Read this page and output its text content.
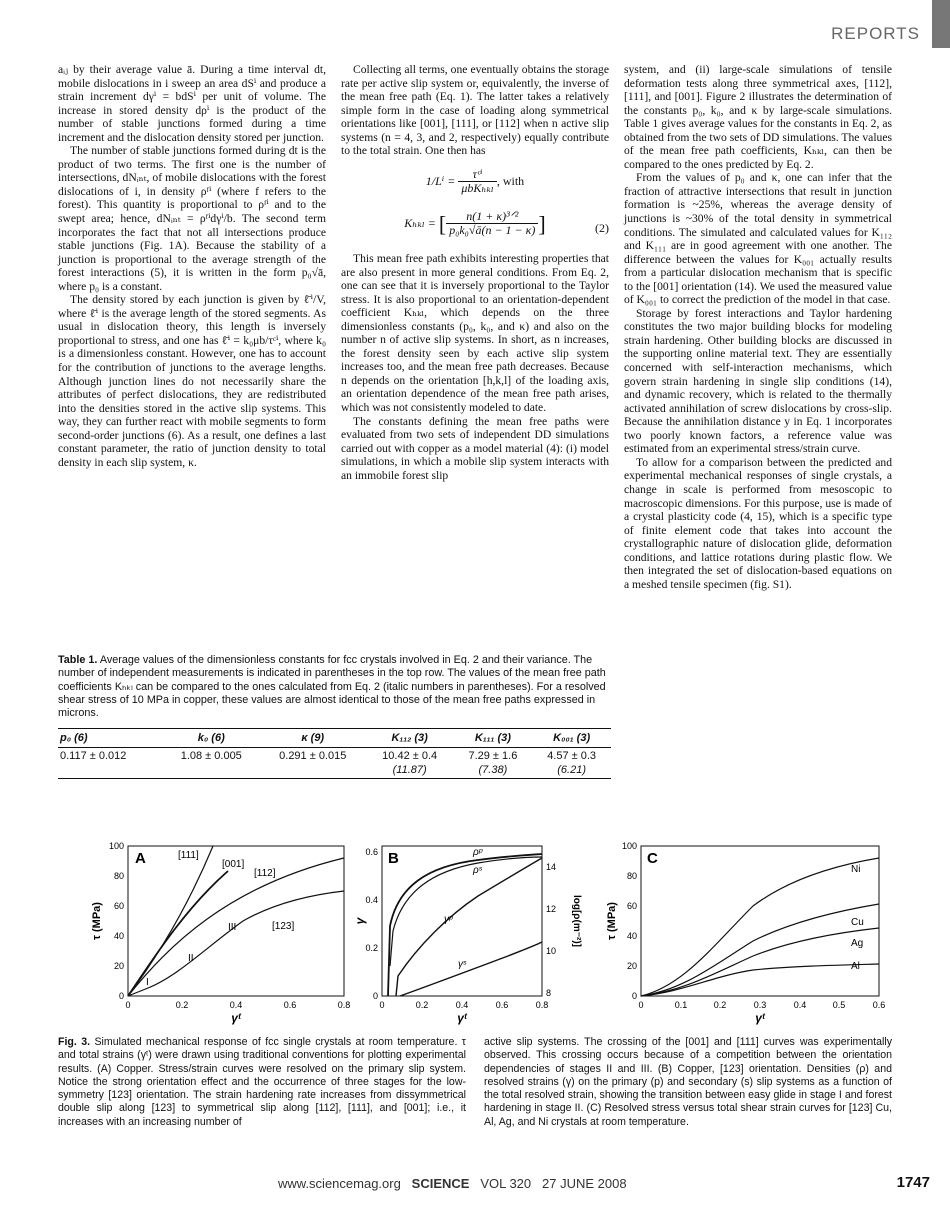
REPORTS

aᵢⱼ by their average value ā. During a time interval dt, mobile dislocations in i sweep an area dSⁱ and produce a strain increment dγⁱ = bdSⁱ per unit of volume. The increase in stored density dρⁱ is the product of the number of stable junctions formed during a time increment and the dislocation density stored per junction.

The number of stable junctions formed during dt is the product of two terms. The first one is the number of intersections, dNᵢₙₜ, of mobile dislocations with the forest dislocations of i, in density ρᶠⁱ (where f refers to the forest). This quantity is proportional to ρᶠⁱ and to the swept area; hence, dNᵢₙₜ = ρᶠⁱdγⁱ/b. The second term incorporates the fact that not all intersections produce stable junctions (Fig. 1A). Because the stability of a junction is proportional to the average strength of the forest interactions (5), it is written in the form p₀√ā, where p₀ is a constant.

The density stored by each junction is given by ℓ̄ⁱ/V, where ℓ̄ⁱ is the average length of the stored segments. As usual in dislocation theory, this length is inversely proportional to stress, and one has ℓ̄ⁱ = k₀μb/τᶜⁱ, where k₀ is a dimensionless constant. However, one has to account for the contribution of junctions to the average lengths. Although junction lines do not necessarily share the attributes of perfect dislocations, they are redistributed into the densities stored in the active slip systems. This way, they can further react with mobile segments to form second-order junctions (6). As a result, one defines a last constant parameter, the ratio of junction density to total density in each slip system, κ.

Collecting all terms, one eventually obtains the storage rate per active slip system or, equivalently, the inverse of the mean free path (Eq. 1). The latter takes a relatively simple form in the case of loading along symmetrical orientations like [001], [111], or [112] when n active slip systems (n = 4, 3, and 2, respectively) equally contribute to the total strain. One then has

$1/L^i = \frac{\text{τᶜⁱ}}{\text{μbKₕₖₗ}}$ , with
Kₕₖₗ = [ $\frac{\text{n(1 + κ)³ᐟ²}}{\text{p₀k₀√ā(n − 1 − κ)}}$ ]	(2)

This mean free path exhibits interesting properties that are also present in more general conditions. From Eq. 2, one can see that it is inversely proportional to the Taylor stress. It is also proportional to an orientation-dependent coefficient Kₕₖₗ, which depends on the three dimensionless constants (p₀, k₀, and κ) and also on the number n of active slip systems. In short, as n increases, the forest density seen by each active slip system increases too, and the mean free path decreases. Because n depends on the orientation [h,k,l] of the loading axis, an orientation dependence of the mean free path arises, which was not consistently modeled to date.

The constants defining the mean free paths were evaluated from two sets of independent DD simulations carried out with copper as a model material (4): (i) model simulations, in which a mobile slip system interacts with an immobile forest slip

system, and (ii) large-scale simulations of tensile deformation tests along three symmetrical axes, [112], [111], and [001]. Figure 2 illustrates the determination of the constants p₀, k₀, and κ by large-scale simulations. Table 1 gives average values for the constants in Eq. 2, as obtained from the two sets of DD simulations. The values of the mean free path coefficients, Kₕₖₗ, can then be compared to the ones predicted by Eq. 2.

From the values of p₀ and κ, one can infer that the fraction of attractive intersections that result in junction formation is ~25%, whereas the average density of junctions is ~30% of the total density in symmetrical conditions. The simulated and calculated values for K₁₁₂ and K₁₁₁ are in good agreement with one another. The difference between the values for K₀₀₁ actually results from a particular dislocation mechanism that is specific to the [001] orientation (14). We used the measured value of K₀₀₁ to correct the prediction of the model in that case.

Storage by forest interactions and Taylor hardening constitutes the two major building blocks for modeling strain hardening. Other building blocks are discussed in the supporting online material text. They are essentially concerned with self-interaction mechanisms, which govern strain hardening in single slip conditions (14), and dynamic recovery, which is related to the thermally activated annihilation of screw dislocations by cross-slip. Because the annihilation distance y in Eq. 1 incorporates two poorly known factors, a reference value was estimated from an experimental stress/strain curve.

To allow for a comparison between the predicted and experimental mechanical responses of single crystals, a change in scale is performed from mesoscopic to macroscopic dimensions. For this purpose, use is made of a crystal plasticity code (4, 15), which is a specific type of finite element code that takes into account the crystallographic nature of dislocation glide, deformation conditions, and lattice rotations during plastic flow. We then integrated the set of dislocation-based equations on a meshed tensile specimen (fig. S1).

Table 1. Average values of the dimensionless constants for fcc crystals involved in Eq. 2 and their variance. The number of independent measurements is indicated in parentheses in the top row. The values of the mean free path coefficients Kₕₖₗ can be compared to the ones calculated from Eq. 2 (italic numbers in parentheses). For a resolved shear stress of 10 MPa in copper, these values are almost identical to those of the mean free paths expressed in microns.
p₀ (6)	k₀ (6)	κ (9)	K₁₁₂ (3)	K₁₁₁ (3)	K₀₀₁ (3)
0.117 ± 0.012	1.08 ± 0.005	0.291 ± 0.015	10.42 ± 0.4	7.29 ± 1.6	4.57 ± 0.3
			(11.87)	(7.38)	(6.21)
0
20
40
60
80
100
0	0.2	0.4	0.6	0.8
τ (MPa)
γᵗ
A	[111]
[001]
[112]
[123]
III
II
I
0
0.2
0.4
0.6
8
10
12
14
0	0.2	0.4	0.6	0.8
γ	log[ρ(m⁻²)]
γᵗ
B	ρᵖ
ρˢ
γᵖ
γˢ
0
20
40
60
80
100
0	0.1	0.2	0.3	0.4	0.5	0.6
τ (MPa)
γᵗ
C
Ni
Cu
Ag
Al
Fig. 3. Simulated mechanical response of fcc single crystals at room temperature. τ and total strains (γᵗ) were drawn using traditional conventions for plotting experimental results. (A) Copper. Stress/strain curves were resolved on the primary slip system. Notice the strong orientation effect and the occurrence of three stages for the low-symmetry [123] orientation. The strain hardening rate increases from dissymmetrical double slip along [123] to symmetrical slip along [112], [111], and [001]; i.e., it increases with an increasing number of
active slip systems. The crossing of the [001] and [111] curves was experimentally observed. This crossing occurs because of a competition between the orientation dependencies of stages II and III. (B) Copper, [123] orientation. Densities (ρ) and resolved strains (γ) on the primary (p) and secondary (s) slip systems as a function of the total resolved strain, showing the transition between easy glide in stage I and forest hardening in stage II. (C) Resolved stress versus total shear strain curves for [123] Cu, Al, Ag, and Ni crystals at room temperature.
www.sciencemag.org SCIENCE VOL 320 27 JUNE 2008	1747
